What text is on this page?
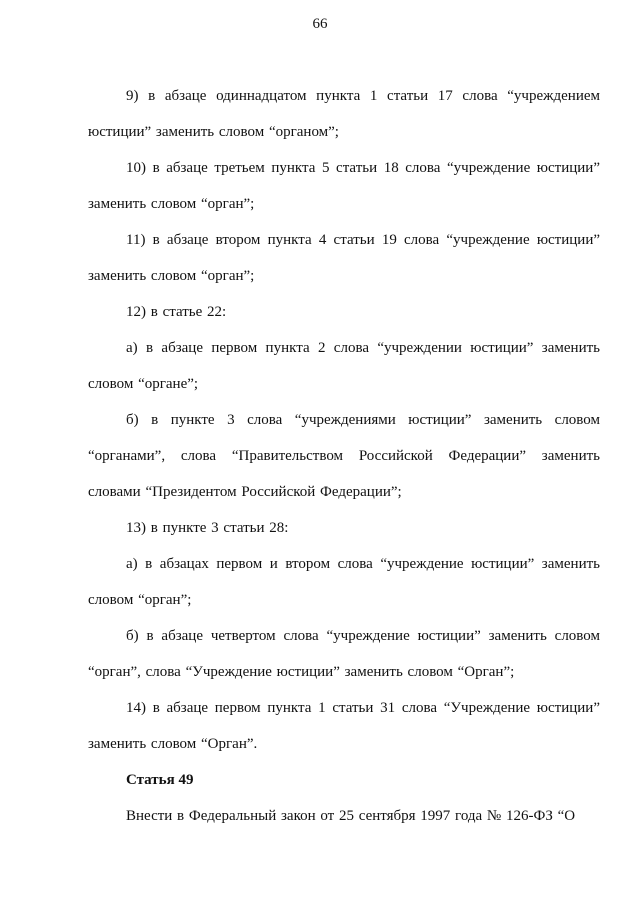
66

9) в абзаце одиннадцатом пункта 1 статьи 17 слова “учреждением юстиции” заменить словом “органом”;

10) в абзаце третьем пункта 5 статьи 18 слова “учреждение юстиции” заменить словом “орган”;

11) в абзаце втором пункта 4 статьи 19 слова “учреждение юстиции” заменить словом “орган”;

12) в статье 22:

а) в абзаце первом пункта 2 слова “учреждении юстиции” заменить словом “органе”;

б) в пункте 3 слова “учреждениями юстиции” заменить словом “органами”, слова “Правительством Российской Федерации” заменить словами “Президентом Российской Федерации”;

13) в пункте 3 статьи 28:

а) в абзацах первом и втором слова “учреждение юстиции” заменить словом “орган”;

б) в абзаце четвертом слова “учреждение юстиции” заменить словом “орган”, слова “Учреждение юстиции” заменить словом “Орган”;

14) в абзаце первом пункта 1 статьи 31 слова “Учреждение юстиции” заменить словом “Орган”.

Статья 49

Внести в Федеральный закон от 25 сентября 1997 года № 126-ФЗ “О
